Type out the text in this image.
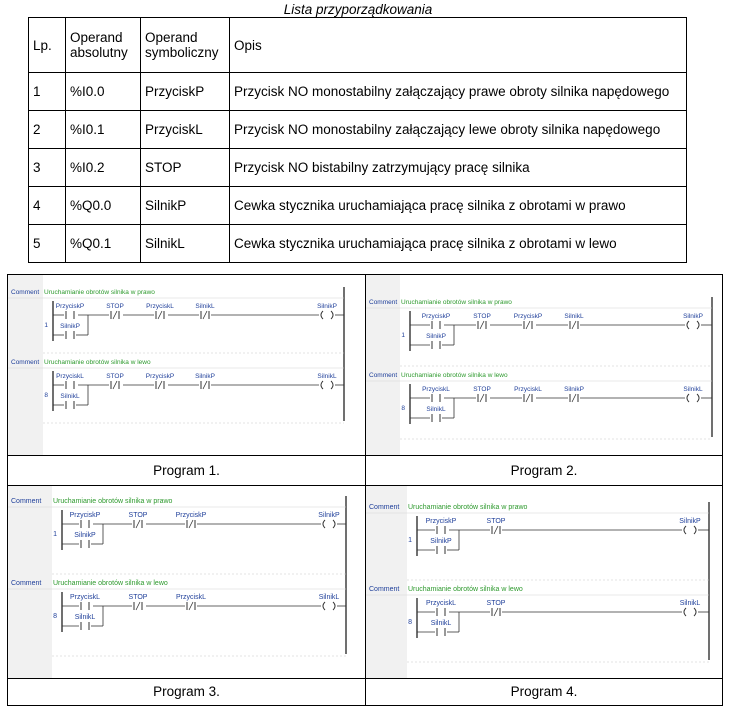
Lista przyporządkowania
Lp.	Operand absolutny	Operand symboliczny	Opis
1	%I0.0	PrzyciskP	Przycisk NO monostabilny załączający prawe obroty silnika napędowego
2	%I0.1	PrzyciskL	Przycisk NO monostabilny załączający lewe obroty silnika napędowego
3	%I0.2	STOP	Przycisk NO bistabilny zatrzymujący pracę silnika
4	%Q0.0	SilnikP	Cewka stycznika uruchamiająca pracę silnika z obrotami w prawo
5	%Q0.1	SilnikL	Cewka stycznika uruchamiająca pracę silnika z obrotami w lewo
Comment Uruchamianie obrotów silnika w prawo
1
PrzyciskP	STOP	PrzyciskL	SilnikL	SilnikP
SilnikP
Comment Uruchamianie obrotów silnika w lewo
8
PrzyciskL	STOP	PrzyciskP	SilnikP	SilnikL
SilnikL
Comment Uruchamianie obrotów silnika w prawo
1
PrzyciskP	STOP	PrzyciskP	SilnikL	SilnikP
SilnikP
Comment Uruchamianie obrotów silnika w lewo
8
PrzyciskL	STOP	PrzyciskL	SilnikP	SilnikL
SilnikL
Comment Uruchamianie obrotów silnika w prawo
1
PrzyciskP	STOP	PrzyciskP	SilnikP
SilnikP
Comment Uruchamianie obrotów silnika w lewo
8
PrzyciskL	STOP	PrzyciskL	SilnikL
SilnikL
Comment Uruchamianie obrotów silnika w prawo
1
PrzyciskP	STOP	SilnikP
SilnikP
Comment Uruchamianie obrotów silnika w lewo
8
PrzyciskL	STOP	SilnikL
SilnikL
Program 1.	Program 2.
Program 3.	Program 4.
